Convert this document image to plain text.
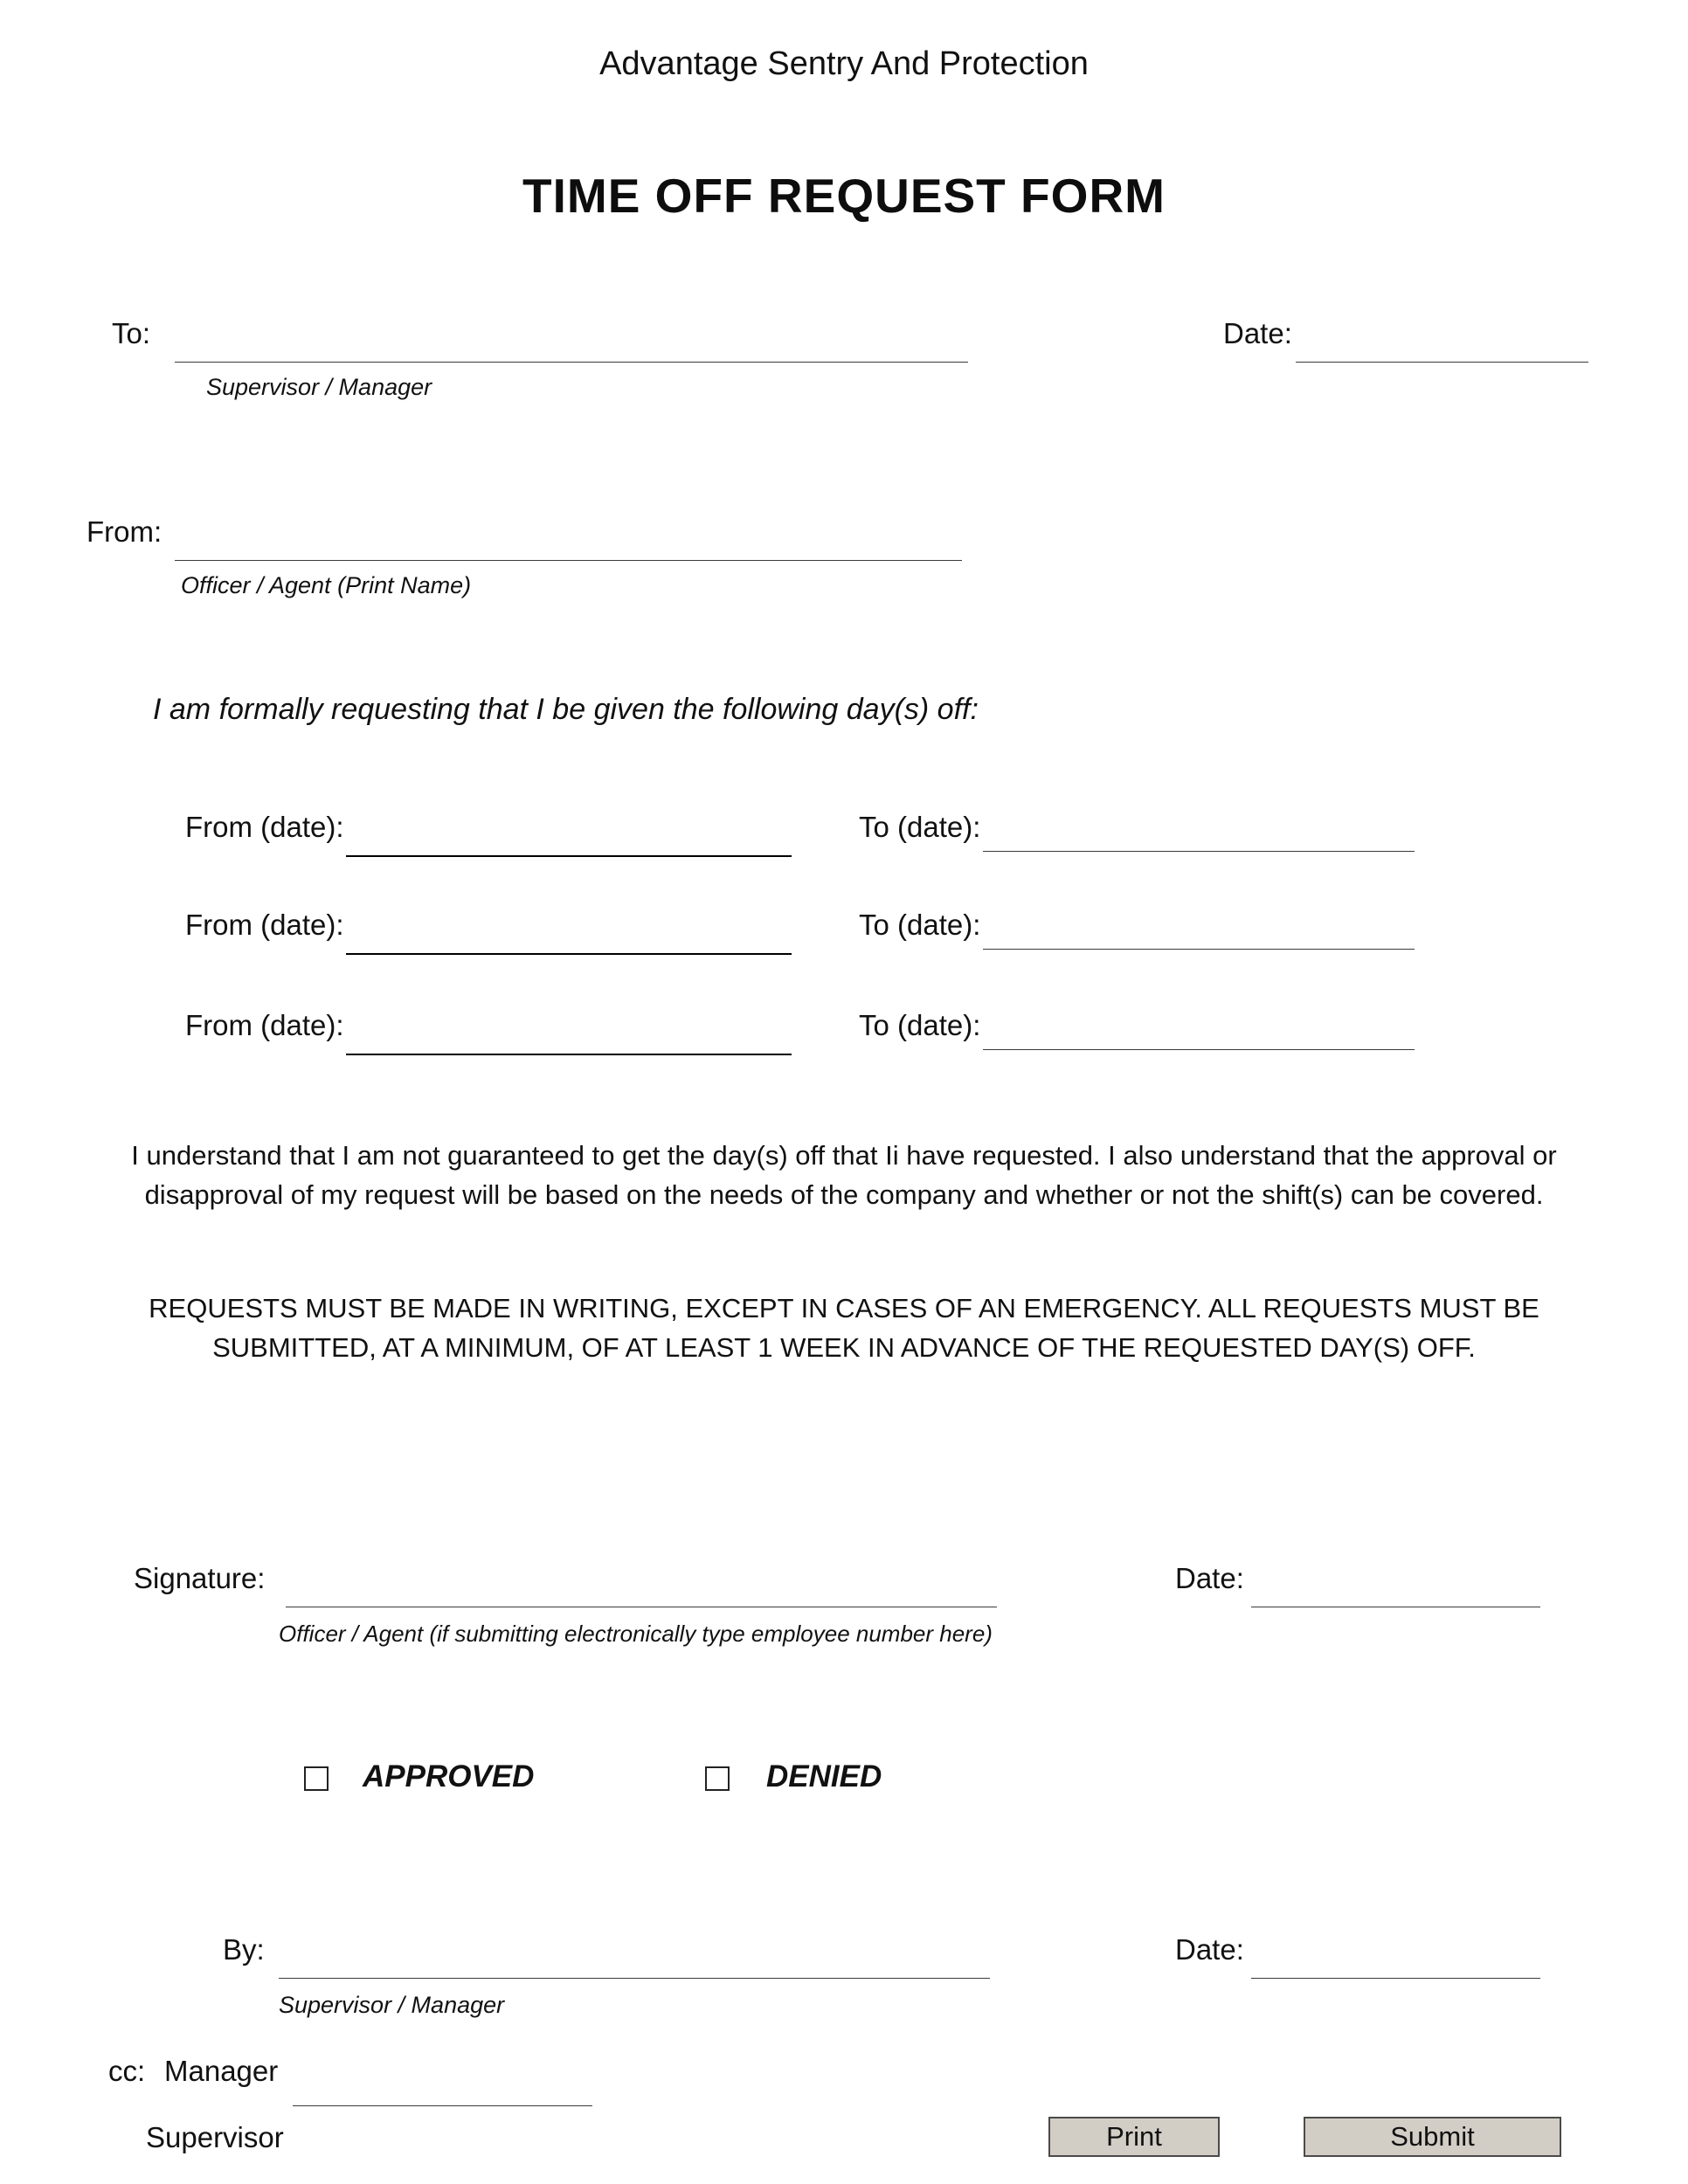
Advantage Sentry And Protection
TIME OFF REQUEST FORM
To:
Supervisor / Manager
Date:
From:
Officer / Agent (Print Name)
I am formally requesting that I be given the following day(s) off:
From (date):	To (date):
From (date):	To (date):
From (date):	To (date):
I understand that I am not guaranteed to get the day(s) off that Ii have requested. I also understand that the approval or disapproval of my request will be based on the needs of the company and whether or not the shift(s) can be covered.
REQUESTS MUST BE MADE IN WRITING, EXCEPT IN CASES OF AN EMERGENCY. ALL REQUESTS MUST BE SUBMITTED, AT A MINIMUM, OF AT LEAST 1 WEEK IN ADVANCE OF THE REQUESTED DAY(S) OFF.
Signature:	Date:
Officer / Agent (if submitting electronically type employee number here)
APPROVED	DENIED
By:	Date:
Supervisor / Manager
cc: Manager
Supervisor	Print	Submit
